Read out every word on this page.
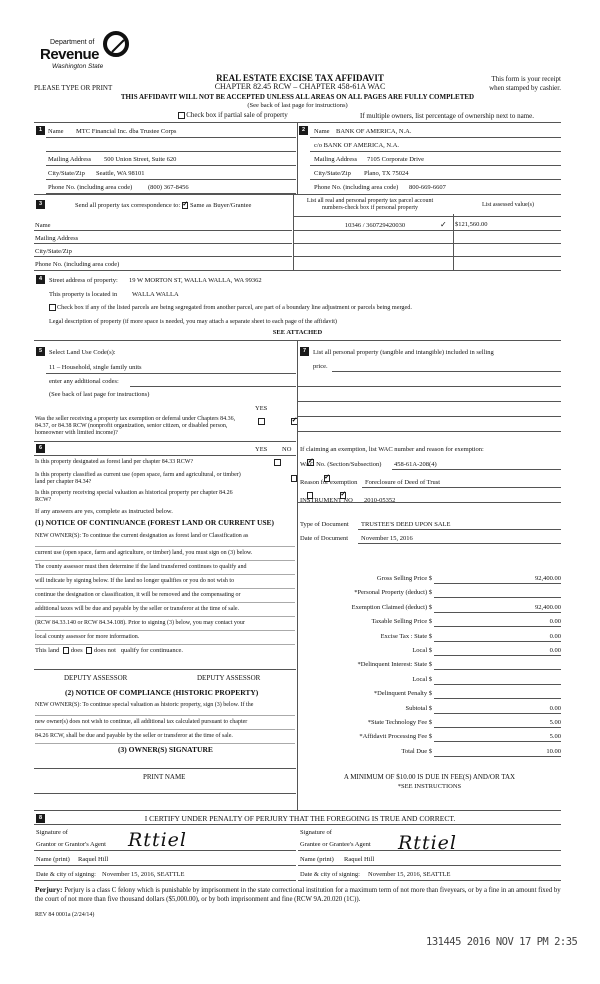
Department of
Revenue
Washington State
REAL ESTATE EXCISE TAX AFFIDAVIT
CHAPTER 82.45 RCW – CHAPTER 458-61A WAC
PLEASE TYPE OR PRINT
This form is your receipt
when stamped by cashier.
THIS AFFIDAVIT WILL NOT BE ACCEPTED UNLESS ALL AREAS ON ALL PAGES ARE FULLY COMPLETED
(See back of last page for instructions)
Check box if partial sale of property	If multiple owners, list percentage of ownership next to name.
1 Name MTC Financial Inc. dba Trustee Corps
Mailing Address 500 Union Street, Suite 620
City/State/Zip Seattle, WA 98101
Phone No. (including area code) (800) 367-8456
2	Name BANK OF AMERICA, N.A.
c/o BANK OF AMERICA, N.A.
Mailing Address 7105 Corporate Drive
City/State/Zip Plano, TX 75024
Phone No. (including area code) 800-669-6607
3	Send all property tax correspondence to: ✓ Same as Buyer/Grantee
Name
Mailing Address
City/State/Zip
Phone No. (including area code)
List all real and personal property tax parcel account numbers-check box if personal property
List assessed value(s)
10346 / 360729420030	✓ $121,560.00
4	Street address of property: 19 W MORTON ST, WALLA WALLA, WA 99362
This property is located in WALLA WALLA
Check box if any of the listed parcels are being segregated from another parcel, are part of a boundary line adjustment or parcels being merged.
Legal description of property (if more space is needed, you may attach a separate sheet to each page of the affidavit)
SEE ATTACHED
5	Select Land Use Code(s):
11 – Household, single family units
enter any additional codes:
(See back of last page for instructions)
YES
Was the seller receiving a property tax exemption or deferral under Chapters 84.36, 84.37, or 84.38 RCW (nonprofit organization, senior citizen, or disabled person, homeowner with limited income)?
✓
6	YES NO
Is this property designated as forest land per chapter 84.33 RCW?
✓
Is this property classified as current use (open space, farm and agricultural, or timber) land per chapter 84.34?
✓
Is this property receiving special valuation as historical property per chapter 84.26 RCW?
✓
If any answers are yes, complete as instructed below.
(1) NOTICE OF CONTINUANCE (FOREST LAND OR CURRENT USE)
NEW OWNER(S): To continue the current designation as forest land or Classification as
current use (open space, farm and agriculture, or timber) land, you must sign on (3) below.
The county assessor must then determine if the land transferred continues to qualify and
will indicate by signing below. If the land no longer qualifies or you do not wish to
continue the designation or classification, it will be removed and the compensating or
additional taxes will be due and payable by the seller or transferor at the time of sale.
(RCW 84.33.140 or RCW 84.34.108). Prior to signing (3) below, you may contact your
local county assessor for more information.
This land does does not qualify for continuance.
DEPUTY ASSESSOR	DEPUTY ASSESSOR
(2) NOTICE OF COMPLIANCE (HISTORIC PROPERTY)
NEW OWNER(S): To continue special valuation as historic property, sign (3) below. If the
new owner(s) does not wish to continue, all additional tax calculated pursuant to chapter
84.26 RCW, shall be due and payable by the seller or transferor at the time of sale.
(3) OWNER(S) SIGNATURE
PRINT NAME
7	List all personal property (tangible and intangible) included in selling
price.
If claiming an exemption, list WAC number and reason for exemption:
WAC No. (Section/Subsection) 458-61A-208(4)
Reason for exemption Foreclosure of Deed of Trust
INSTRUMENT NO 2010-05352
Type of Document TRUSTEE'S DEED UPON SALE
Date of Document November 15, 2016
Gross Selling Price $	92,400.00
*Personal Property (deduct) $
Exemption Claimed (deduct) $	92,400.00
Taxable Selling Price $	0.00
Excise Tax : State $	0.00
Local $	0.00
*Delinquent Interest: State $
Local $
*Delinquent Penalty $
Subtotal $	0.00
*State Technology Fee $	5.00
*Affidavit Processing Fee $	5.00
Total Due $	10.00
A MINIMUM OF $10.00 IS DUE IN FEE(S) AND/OR TAX
*SEE INSTRUCTIONS
8	I CERTIFY UNDER PENALTY OF PERJURY THAT THE FOREGOING IS TRUE AND CORRECT.
Signature of
Grantor or Grantor's Agent Rttiel
Name (print) Raquel Hill
Date & city of signing: November 15, 2016, SEATTLE
Signature of
Grantee or Grantee's Agent Rttiel
Name (print) Raquel Hill
Date & city of signing: November 15, 2016, SEATTLE
Perjury: Perjury is a class C felony which is punishable by imprisonment in the state correctional institution for a maximum term of not more than fiveyears, or by a fine in an amount fixed by the court of not more than five thousand dollars ($5,000.00), or by both imprisonment and fine (RCW 9A.20.020 (1C)).
REV 84 0001a (2/24/14)
131445 2016 NOV 17 PM 2:35
